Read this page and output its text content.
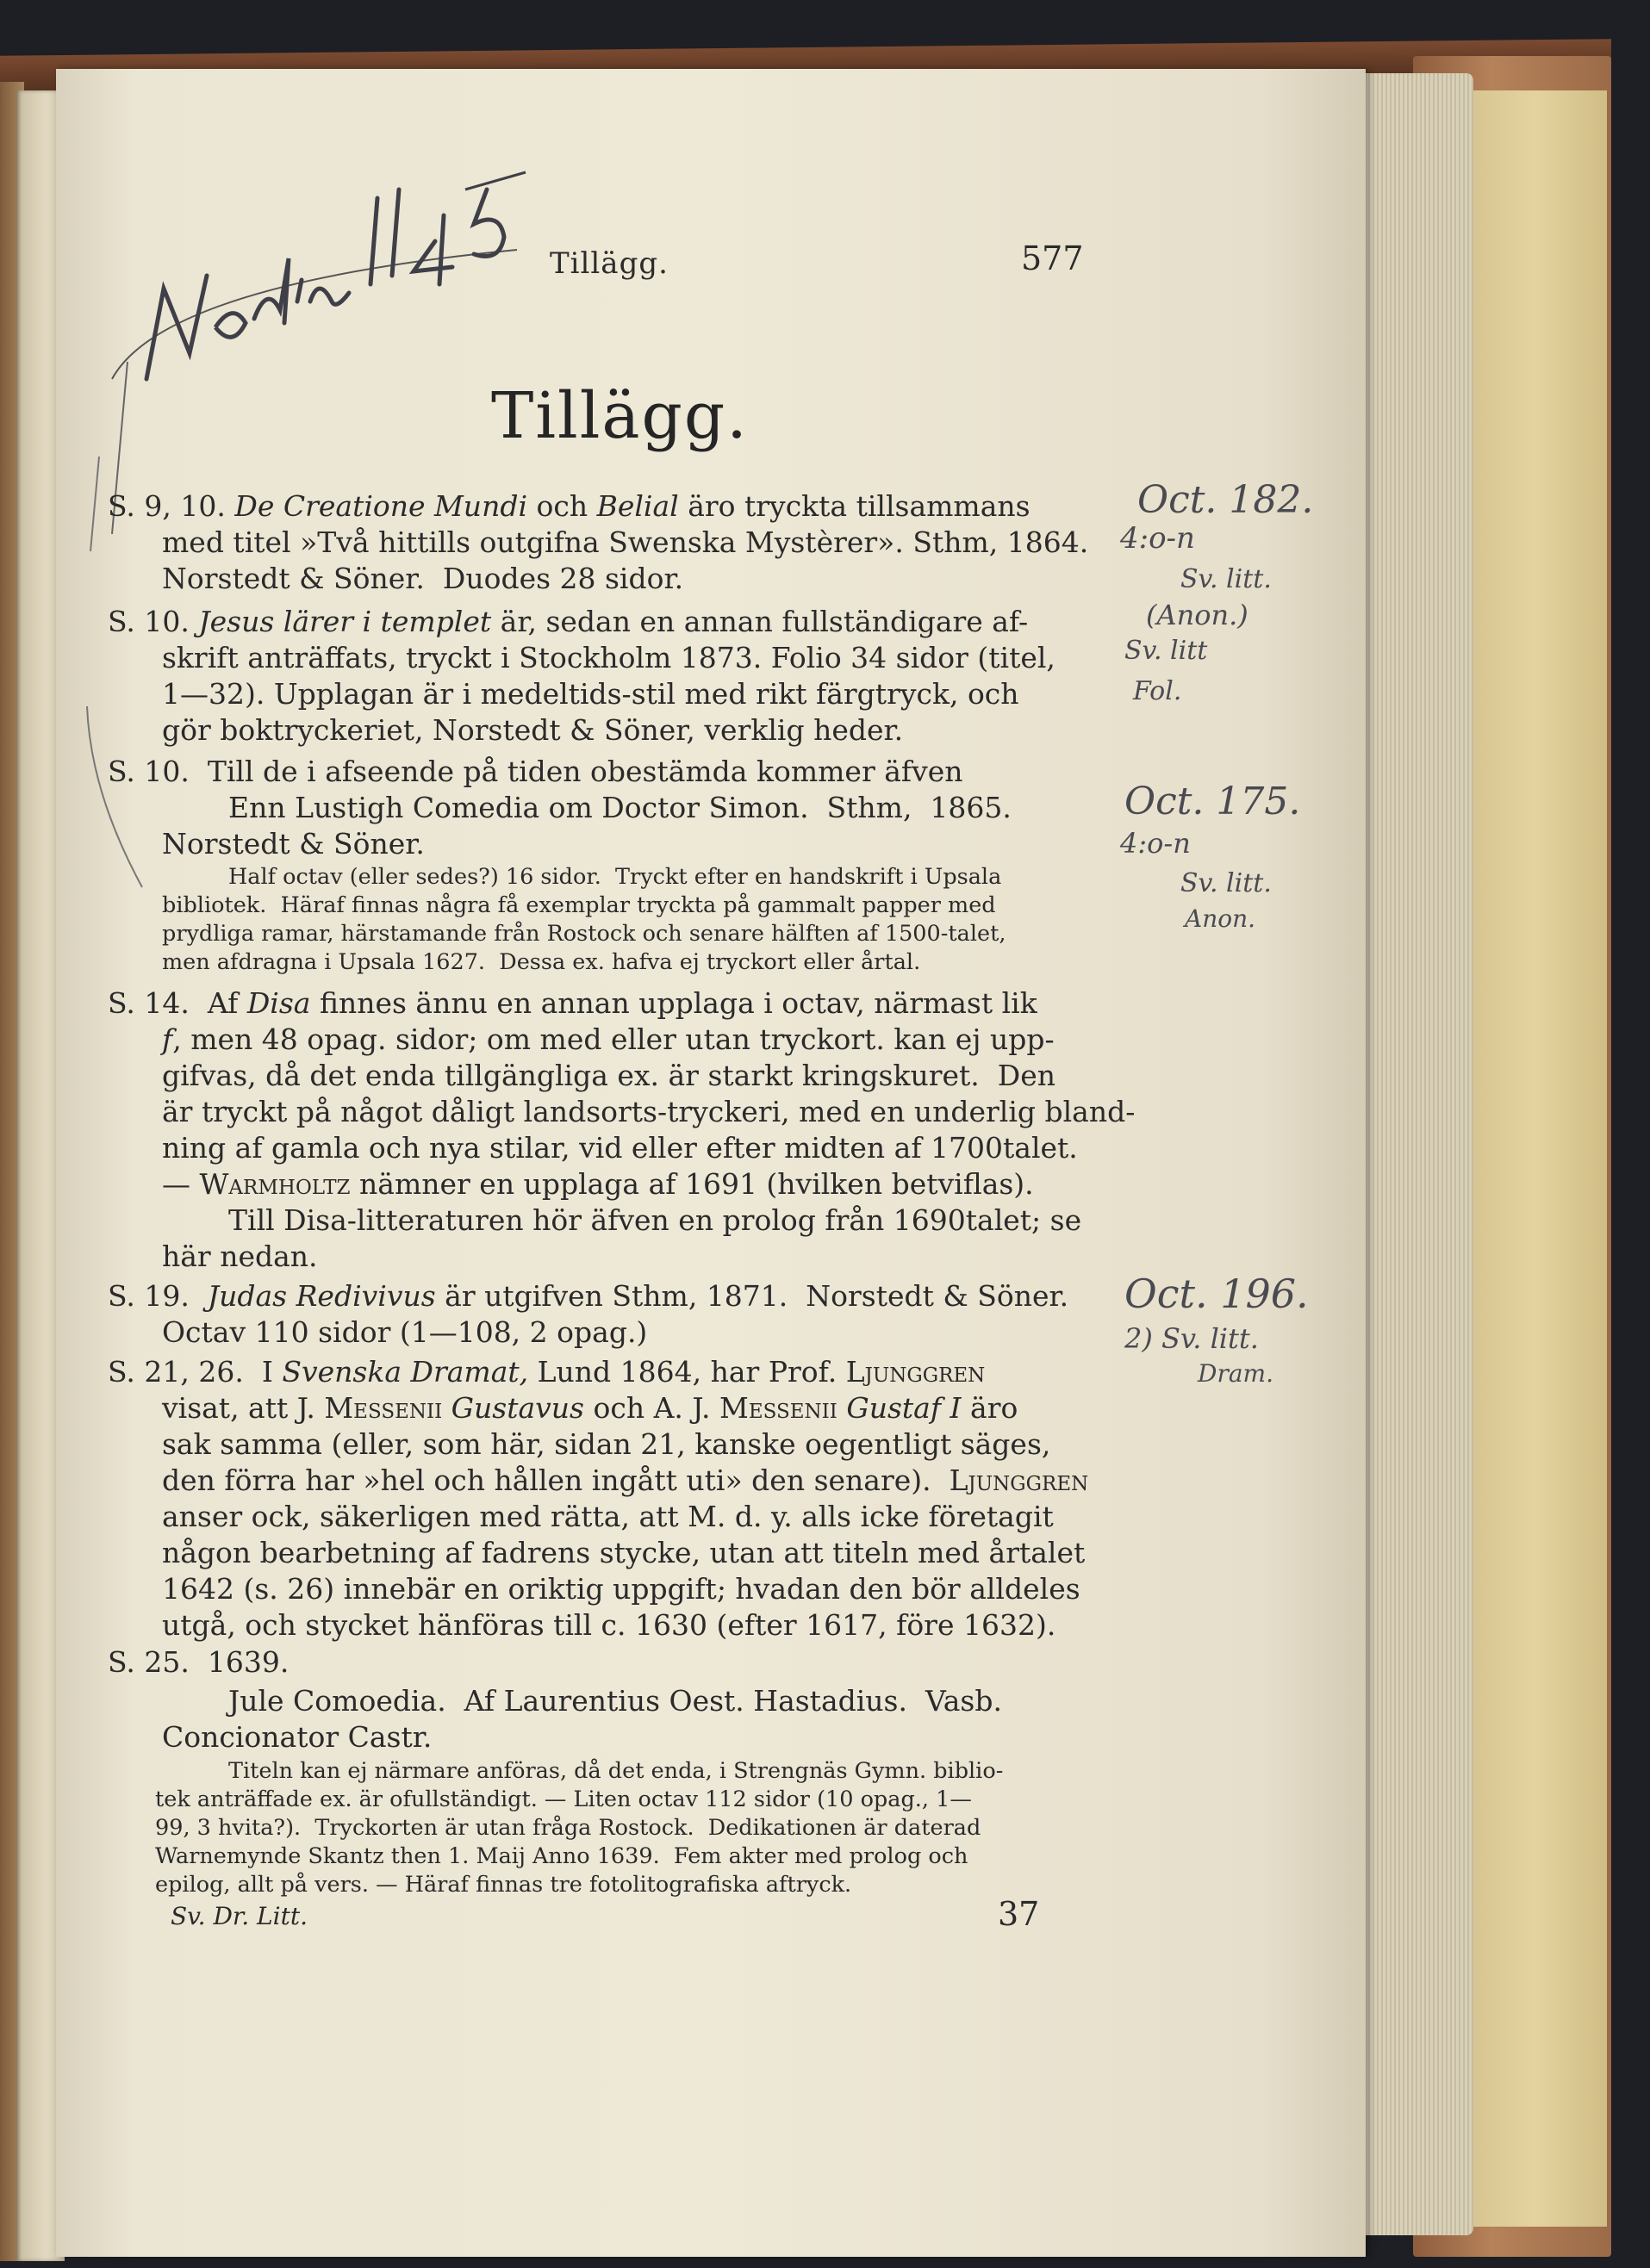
Tillägg.	577
Tillägg.
S. 9, 10. De Creatione Mundi och Belial äro tryckta tillsammans
med titel »Två hittills outgifna Swenska Mystèrer». Sthm, 1864.
Norstedt & Söner.  Duodes 28 sidor.
S. 10. Jesus lärer i templet är, sedan en annan fullständigare af-
skrift anträffats, tryckt i Stockholm 1873. Folio 34 sidor (titel,
1—32). Upplagan är i medeltids-stil med rikt färgtryck, och
gör boktryckeriet, Norstedt & Söner, verklig heder.
S. 10.  Till de i afseende på tiden obestämda kommer äfven
Enn Lustigh Comedia om Doctor Simon.  Sthm,  1865.
Norstedt & Söner.
Half octav (eller sedes?) 16 sidor.  Tryckt efter en handskrift i Upsala
bibliotek.  Häraf finnas några få exemplar tryckta på gammalt papper med
prydliga ramar, härstamande från Rostock och senare hälften af 1500-talet,
men afdragna i Upsala 1627.  Dessa ex. hafva ej tryckort eller årtal.
S. 14.  Af Disa finnes ännu en annan upplaga i octav, närmast lik
f, men 48 opag. sidor; om med eller utan tryckort. kan ej upp-
gifvas, då det enda tillgängliga ex. är starkt kringskuret.  Den
är tryckt på något dåligt landsorts-tryckeri, med en underlig bland-
ning af gamla och nya stilar, vid eller efter midten af 1700talet.
— Warmholtz nämner en upplaga af 1691 (hvilken betviflas).
Till Disa-litteraturen hör äfven en prolog från 1690talet; se
här nedan.
S. 19.  Judas Redivivus är utgifven Sthm, 1871.  Norstedt & Söner.
Octav 110 sidor (1—108, 2 opag.)
S. 21, 26.  I Svenska Dramat, Lund 1864, har Prof. Ljunggren
visat, att J. Messenii Gustavus och A. J. Messenii Gustaf I äro
sak samma (eller, som här, sidan 21, kanske oegentligt säges,
den förra har »hel och hållen ingått uti» den senare).  Ljunggren
anser ock, säkerligen med rätta, att M. d. y. alls icke företagit
någon bearbetning af fadrens stycke, utan att titeln med årtalet
1642 (s. 26) innebär en oriktig uppgift; hvadan den bör alldeles
utgå, och stycket hänföras till c. 1630 (efter 1617, före 1632).
S. 25.  1639.
Jule Comoedia.  Af Laurentius Oest. Hastadius.  Vasb.
Concionator Castr.
Titeln kan ej närmare anföras, då det enda, i Strengnäs Gymn. biblio-
tek anträffade ex. är ofullständigt. — Liten octav 112 sidor (10 opag., 1—
99, 3 hvita?).  Tryckorten är utan fråga Rostock.  Dedikationen är daterad
Warnemynde Skantz then 1. Maij Anno 1639.  Fem akter med prolog och
epilog, allt på vers. — Häraf finnas tre fotolitografiska aftryck.
Sv. Dr. Litt.	37
Oct. 182.
4:o-n
Sv. litt.
(Anon.)
Sv. litt
Fol.
Oct. 175.
4:o-n
Sv. litt.
Anon.
Oct. 196.
2) Sv. litt.
Dram.
